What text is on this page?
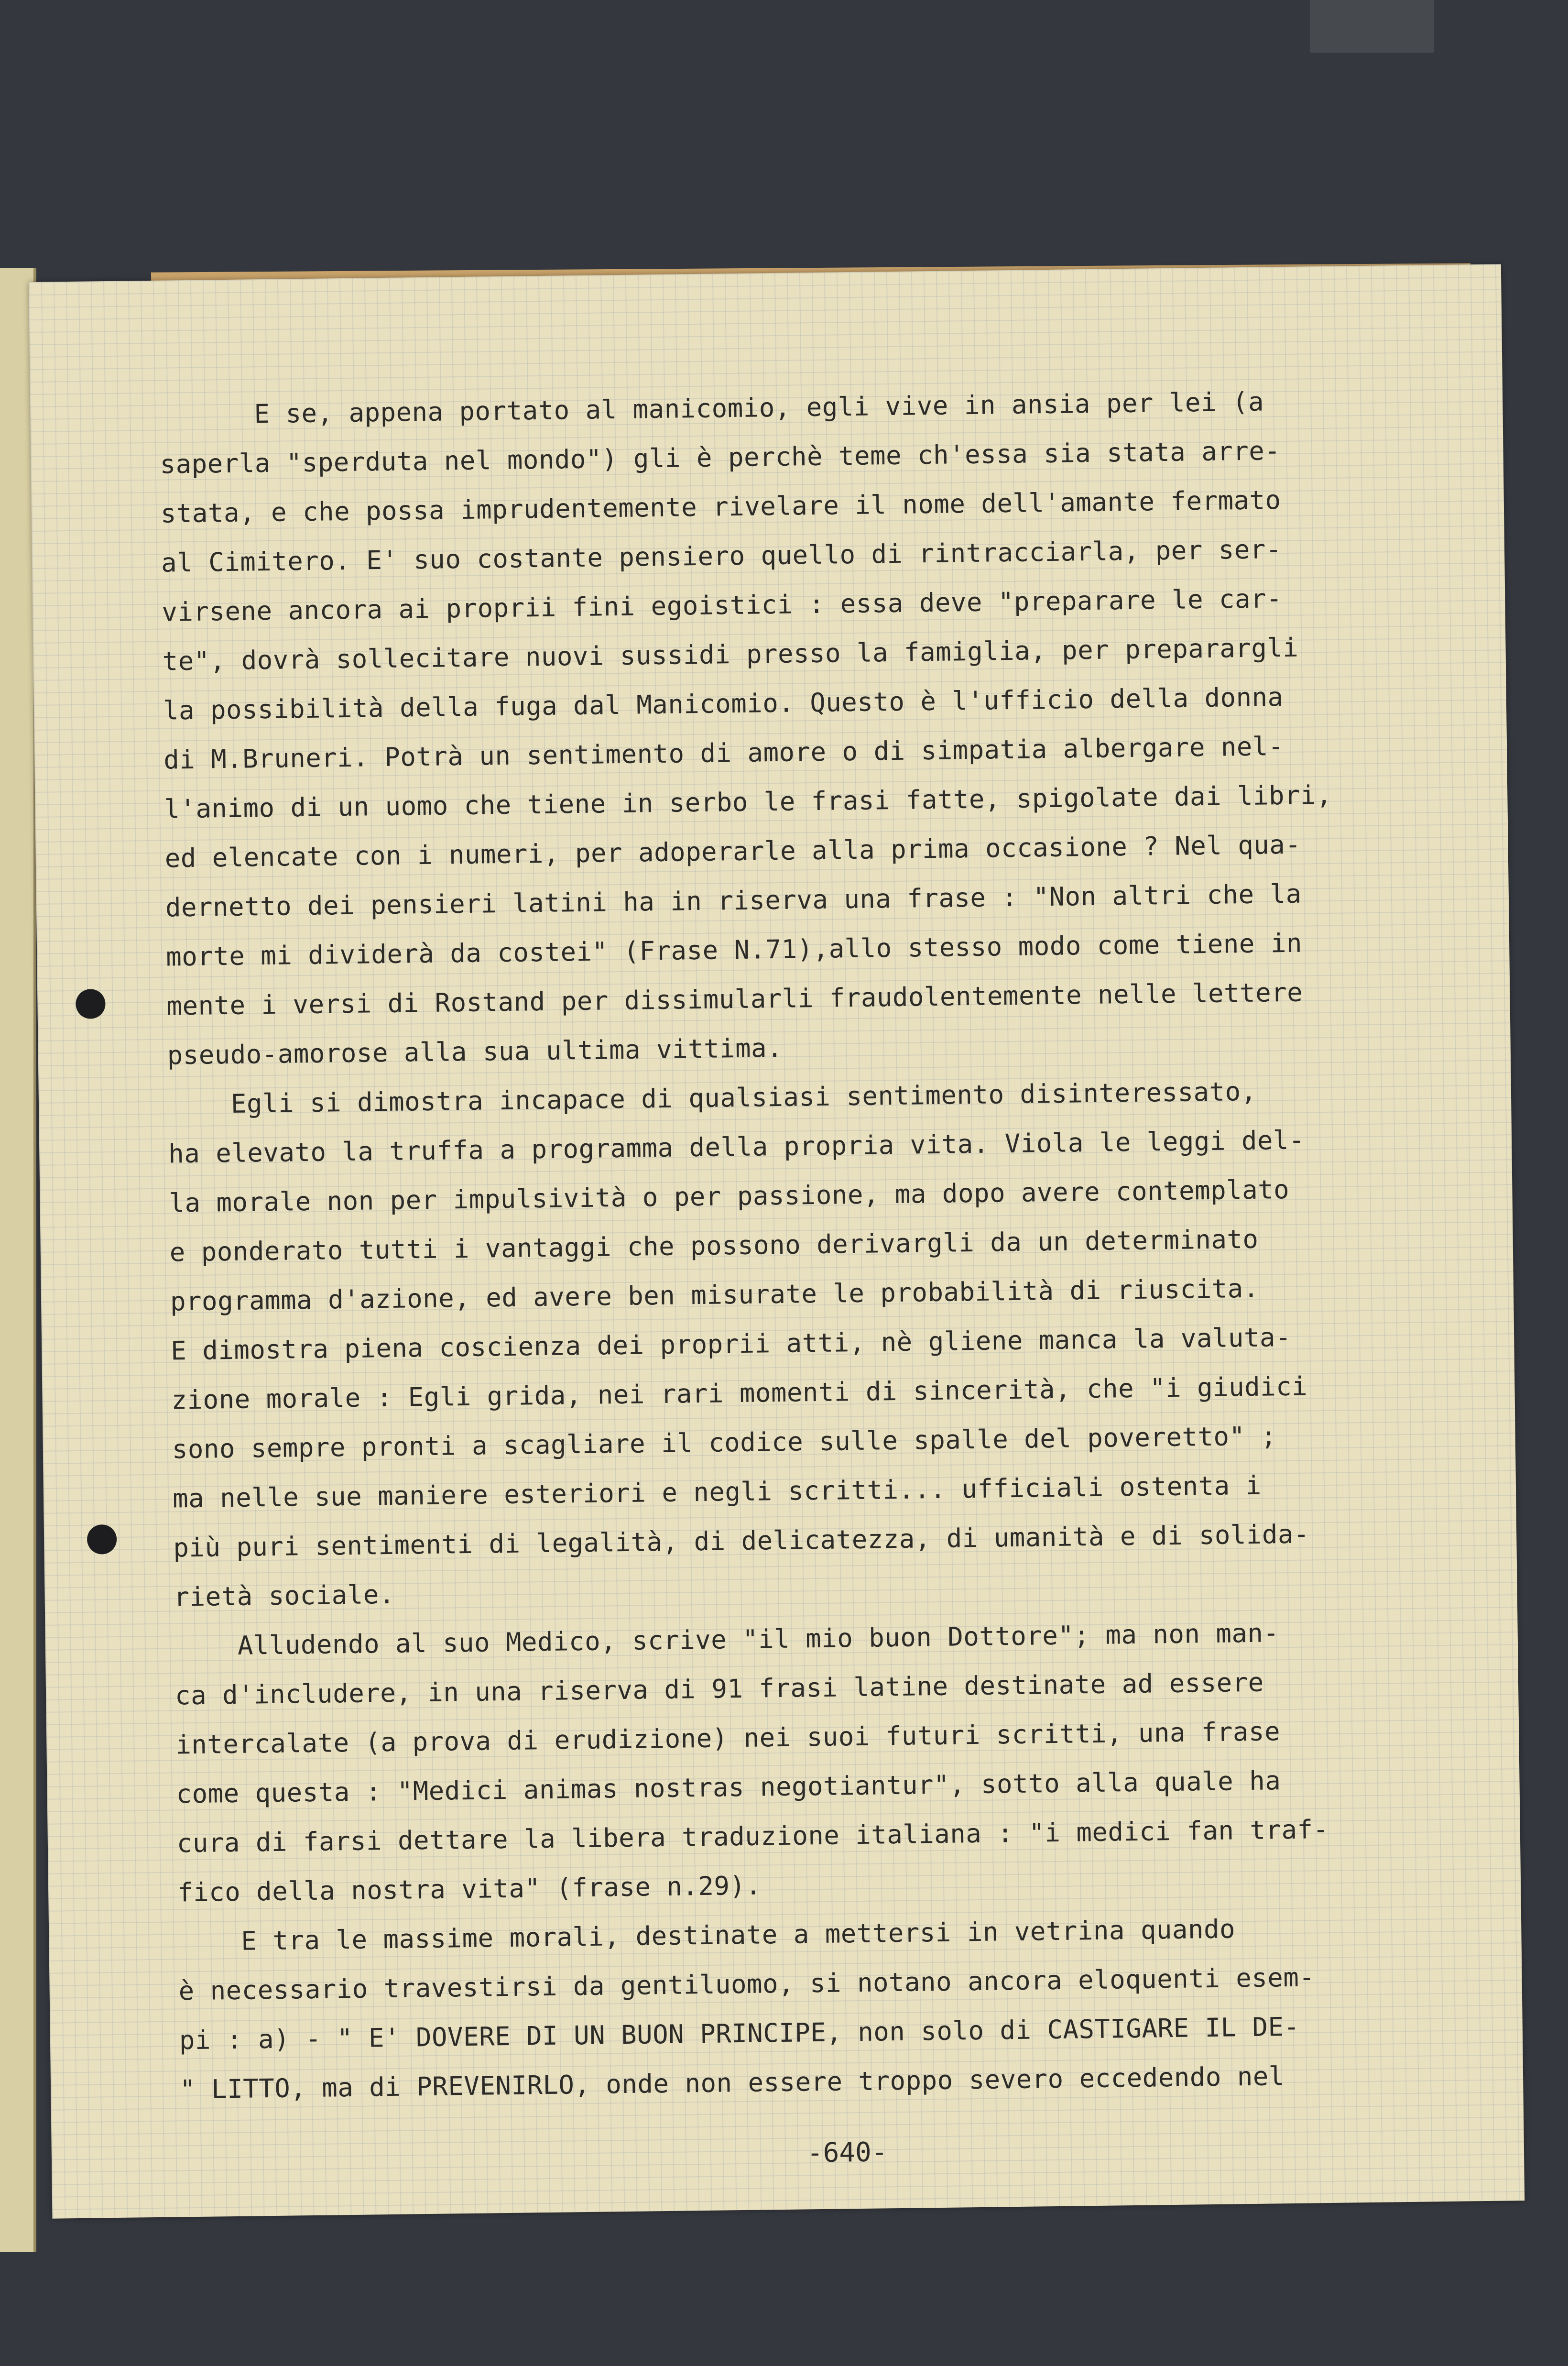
E se, appena portato al manicomio, egli vive in ansia per lei (a
saperla "sperduta nel mondo") gli è perchè teme ch'essa sia stata arre-
stata, e che possa imprudentemente rivelare il nome dell'amante fermato
al Cimitero. E' suo costante pensiero quello di rintracciarla, per ser-
virsene ancora ai proprii fini egoistici : essa deve "preparare le car-
te", dovrà sollecitare nuovi sussidi presso la famiglia, per preparargli
la possibilità della fuga dal Manicomio. Questo è l'ufficio della donna
di M.Bruneri. Potrà un sentimento di amore o di simpatia albergare nel-
l'animo di un uomo che tiene in serbo le frasi fatte, spigolate dai libri,
ed elencate con i numeri, per adoperarle alla prima occasione ? Nel qua-
dernetto dei pensieri latini ha in riserva una frase : "Non altri che la
morte mi dividerà da costei" (Frase N.71),allo stesso modo come tiene in
mente i versi di Rostand per dissimularli fraudolentemente nelle lettere
pseudo-amorose alla sua ultima vittima.
Egli si dimostra incapace di qualsiasi sentimento disinteressato,
ha elevato la truffa a programma della propria vita. Viola le leggi del-
la morale non per impulsività o per passione, ma dopo avere contemplato
e ponderato tutti i vantaggi che possono derivargli da un determinato
programma d'azione, ed avere ben misurate le probabilità di riuscita.
E dimostra piena coscienza dei proprii atti, nè gliene manca la valuta-
zione morale : Egli grida, nei rari momenti di sincerità, che "i giudici
sono sempre pronti a scagliare il codice sulle spalle del poveretto" ;
ma nelle sue maniere esteriori e negli scritti... ufficiali ostenta i
più puri sentimenti di legalità, di delicatezza, di umanità e di solida-
rietà sociale.
Alludendo al suo Medico, scrive "il mio buon Dottore"; ma non man-
ca d'includere, in una riserva di 91 frasi latine destinate ad essere
intercalate (a prova di erudizione) nei suoi futuri scritti, una frase
come questa : "Medici animas nostras negotiantur", sotto alla quale ha
cura di farsi dettare la libera traduzione italiana : "i medici fan traf-
fico della nostra vita" (frase n.29).
E tra le massime morali, destinate a mettersi in vetrina quando
è necessario travestirsi da gentiluomo, si notano ancora eloquenti esem-
pi : a) - " E' DOVERE DI UN BUON PRINCIPE, non solo di CASTIGARE IL DE-
" LITTO, ma di PREVENIRLO, onde non essere troppo severo eccedendo nel
-640-
